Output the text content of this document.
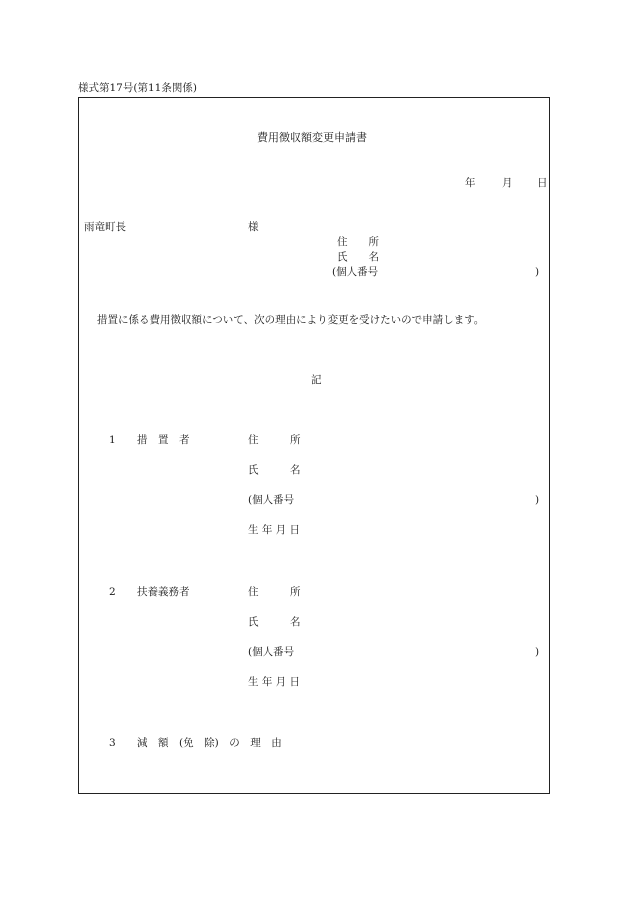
様式第17号(第11条関係)
費用徴収額変更申請書
年	月 日
雨竜町長	様
住　　所
氏　　名
(個人番号	)
措置に係る費用徴収額について、次の理由により変更を受けたいので申請します。
記
1 措　置　者	住　　　所
氏　　　名
(個人番号	)
生 年 月 日
2 扶養義務者	住　　　所
氏　　　名
(個人番号	)
生 年 月 日
3 減　額　(免　除)　の　理　由
